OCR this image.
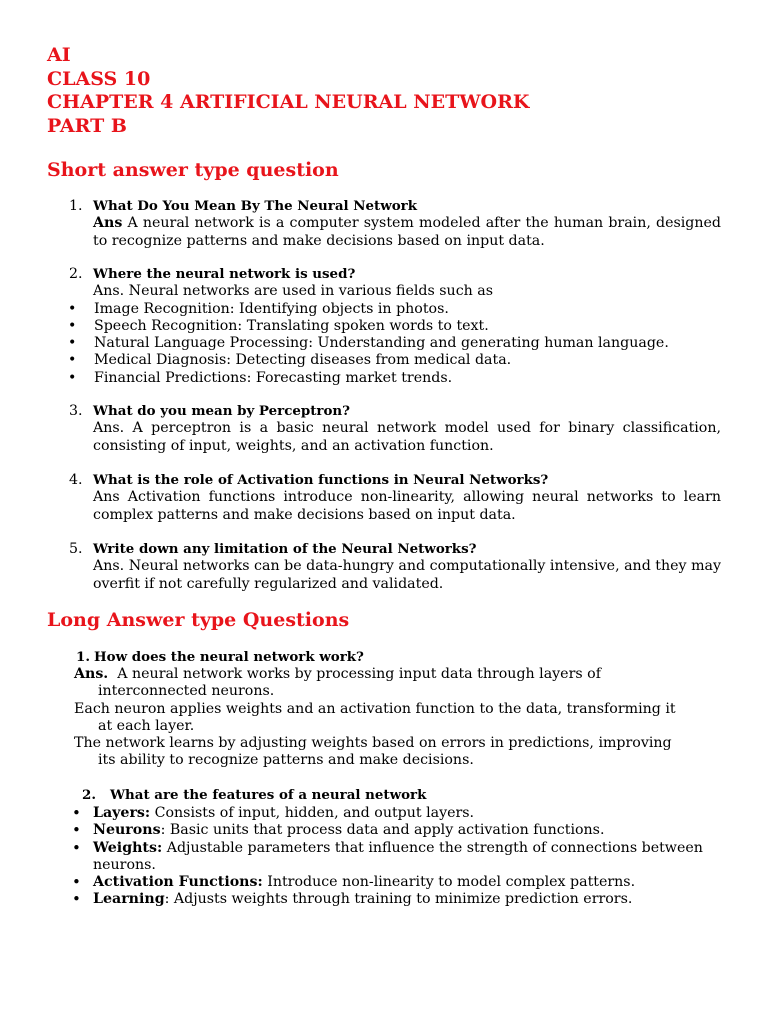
AI
CLASS 10
CHAPTER 4 ARTIFICIAL NEURAL NETWORK
PART B
Short answer type question
1. What Do You Mean By The Neural Network
Ans A neural network is a computer system modeled after the human brain, designed to recognize patterns and make decisions based on input data.
2. Where the neural network is used?
Ans. Neural networks are used in various fields such as
•	Image Recognition: Identifying objects in photos.
•	Speech Recognition: Translating spoken words to text.
•	Natural Language Processing: Understanding and generating human language.
•	Medical Diagnosis: Detecting diseases from medical data.
•	Financial Predictions: Forecasting market trends.
3. What do you mean by Perceptron?
Ans. A perceptron is a basic neural network model used for binary classification, consisting of input, weights, and an activation function.
4. What is the role of Activation functions in Neural Networks?
Ans Activation functions introduce non-linearity, allowing neural networks to learn complex patterns and make decisions based on input data.
5. Write down any limitation of the Neural Networks?
Ans. Neural networks can be data-hungry and computationally intensive, and they may overfit if not carefully regularized and validated.
Long Answer type Questions
1. How does the neural network work?
Ans.  A neural network works by processing input data through layers of
interconnected neurons.
Each neuron applies weights and an activation function to the data, transforming it
at each layer.
The network learns by adjusting weights based on errors in predictions, improving
its ability to recognize patterns and make decisions.
2.	What are the features of a neural network
• Layers: Consists of input, hidden, and output layers.
• Neurons: Basic units that process data and apply activation functions.
• Weights: Adjustable parameters that influence the strength of connections between neurons.
• Activation Functions: Introduce non-linearity to model complex patterns.
• Learning: Adjusts weights through training to minimize prediction errors.
